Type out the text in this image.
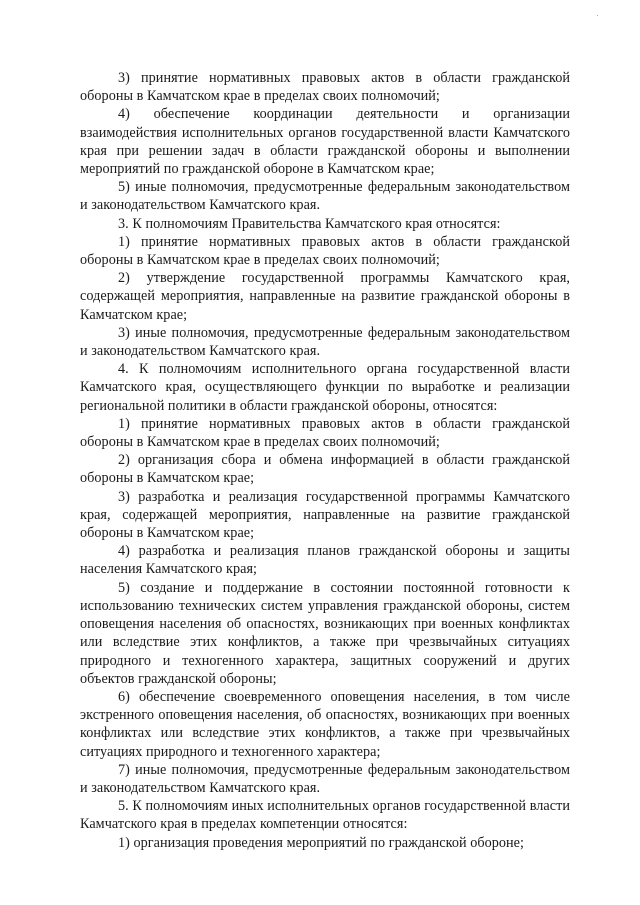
·

3) принятие нормативных правовых актов в области гражданской обороны в Камчатском крае в пределах своих полномочий;

4) обеспечение координации деятельности и организации взаимодействия исполнительных органов государственной власти Камчатского края при решении задач в области гражданской обороны и выполнении мероприятий по гражданской обороне в Камчатском крае;

5) иные полномочия, предусмотренные федеральным законодательством и законодательством Камчатского края.

3. К полномочиям Правительства Камчатского края относятся:

1) принятие нормативных правовых актов в области гражданской обороны в Камчатском крае в пределах своих полномочий;

2) утверждение государственной программы Камчатского края, содержащей мероприятия, направленные на развитие гражданской обороны в Камчатском крае;

3) иные полномочия, предусмотренные федеральным законодательством и законодательством Камчатского края.

4. К полномочиям исполнительного органа государственной власти Камчатского края, осуществляющего функции по выработке и реализации региональной политики в области гражданской обороны, относятся:

1) принятие нормативных правовых актов в области гражданской обороны в Камчатском крае в пределах своих полномочий;

2) организация сбора и обмена информацией в области гражданской обороны в Камчатском крае;

3) разработка и реализация государственной программы Камчатского края, содержащей мероприятия, направленные на развитие гражданской обороны в Камчатском крае;

4) разработка и реализация планов гражданской обороны и защиты населения Камчатского края;

5) создание и поддержание в состоянии постоянной готовности к использованию технических систем управления гражданской обороны, систем оповещения населения об опасностях, возникающих при военных конфликтах или вследствие этих конфликтов, а также при чрезвычайных ситуациях природного и техногенного характера, защитных сооружений и других объектов гражданской обороны;

6) обеспечение своевременного оповещения населения, в том числе экстренного оповещения населения, об опасностях, возникающих при военных конфликтах или вследствие этих конфликтов, а также при чрезвычайных ситуациях природного и техногенного характера;

7) иные полномочия, предусмотренные федеральным законодательством и законодательством Камчатского края.

5. К полномочиям иных исполнительных органов государственной власти Камчатского края в пределах компетенции относятся:

1) организация проведения мероприятий по гражданской обороне;
